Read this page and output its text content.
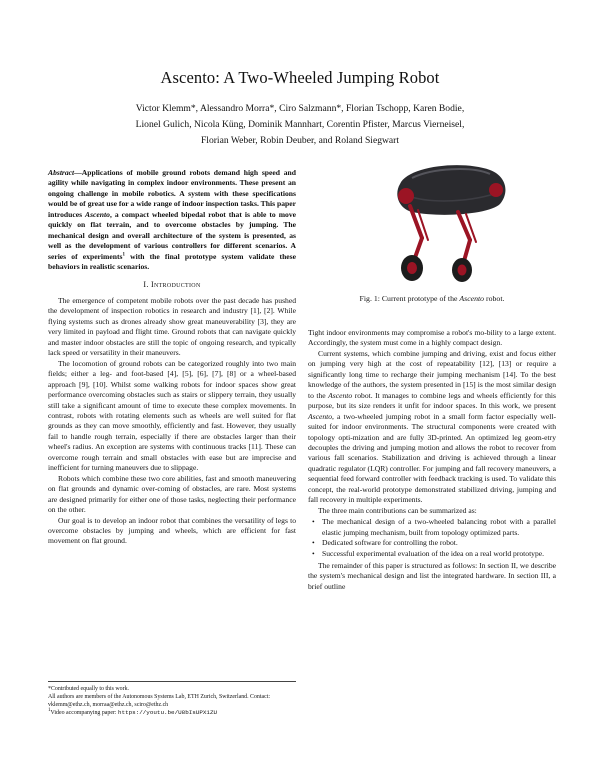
Ascento: A Two-Wheeled Jumping Robot
Victor Klemm*, Alessandro Morra*, Ciro Salzmann*, Florian Tschopp, Karen Bodie,
Lionel Gulich, Nicola Küng, Dominik Mannhart, Corentin Pfister, Marcus Vierneisel,
Florian Weber, Robin Deuber, and Roland Siegwart

Abstract—Applications of mobile ground robots demand high speed and agility while navigating in complex indoor environments. These present an ongoing challenge in mobile robotics. A system with these specifications would be of great use for a wide range of indoor inspection tasks. This paper introduces Ascento, a compact wheeled bipedal robot that is able to move quickly on flat terrain, and to overcome obstacles by jumping. The mechanical design and overall architecture of the system is presented, as well as the development of various controllers for different scenarios. A series of experiments$^1$ with the final prototype system validate these behaviors in realistic scenarios.

I. Introduction

The emergence of competent mobile robots over the past decade has pushed the development of inspection robotics in research and industry [1], [2]. While flying systems such as drones already show great maneuverability [3], they are very limited in payload and flight time. Ground robots that can navigate quickly and master indoor obstacles are still the topic of ongoing research, and typically lack speed or versatility in their maneuvers.

The locomotion of ground robots can be categorized roughly into two main fields; either a leg- and foot-based [4], [5], [6], [7], [8] or a wheel-based approach [9], [10]. Whilst some walking robots for indoor spaces show great performance overcoming obstacles such as stairs or slippery terrain, they usually still take a significant amount of time to execute these complex movements. In contrast, robots with rotating elements such as wheels are well suited for flat grounds as they can move smoothly, efficiently and fast. However, they usually fail to handle rough terrain, especially if there are obstacles larger than their wheel's radius. An exception are systems with continuous tracks [11]. These can overcome rough terrain and small obstacles with ease but are imprecise and inefficient for turning maneuvers due to slippage.

Robots which combine these two core abilities, fast and smooth maneuvering on flat grounds and dynamic over-coming of obstacles, are rare. Most systems are designed primarily for either one of those tasks, neglecting their performance on the other.

Our goal is to develop an indoor robot that combines the versatility of legs to overcome obstacles by jumping and wheels, which are efficient for fast movement on flat ground.

*Contributed equally to this work.

All authors are members of the Autonomous Systems Lab, ETH Zurich, Switzerland. Contact: vklemm@ethz.ch, morraa@ethz.ch, sciro@ethz.ch

$^1$Video accompanying paper: https://youtu.be/U8bIsUPX1ZU

Fig. 1: Current prototype of the Ascento robot.

Tight indoor environments may compromise a robot's mo-bility to a large extent. Accordingly, the system must come in a highly compact design.

Current systems, which combine jumping and driving, exist and focus either on jumping very high at the cost of repeatability [12], [13] or require a significantly long time to recharge their jumping mechanism [14]. To the best knowledge of the authors, the system presented in [15] is the most similar design to the Ascento robot. It manages to combine legs and wheels efficiently for this purpose, but its size renders it unfit for indoor spaces. In this work, we present Ascento, a two-wheeled jumping robot in a small form factor especially well-suited for indoor environments. The structural components were created with topology opti-mization and are fully 3D-printed. An optimized leg geom-etry decouples the driving and jumping motion and allows the robot to recover from various fall scenarios. Stabilization and driving is achieved through a linear quadratic regulator (LQR) controller. For jumping and fall recovery maneuvers, a sequential feed forward controller with feedback tracking is used. To validate this concept, the real-world prototype demonstrated stabilized driving, jumping and fall recovery in multiple experiments.

The three main contributions can be summarized as:

• The mechanical design of a two-wheeled balancing robot with a parallel elastic jumping mechanism, built from topology optimized parts.
• Dedicated software for controlling the robot.
• Successful experimental evaluation of the idea on a real world prototype.

The remainder of this paper is structured as follows: In section II, we describe the system's mechanical design and list the integrated hardware. In section III, a brief outline
